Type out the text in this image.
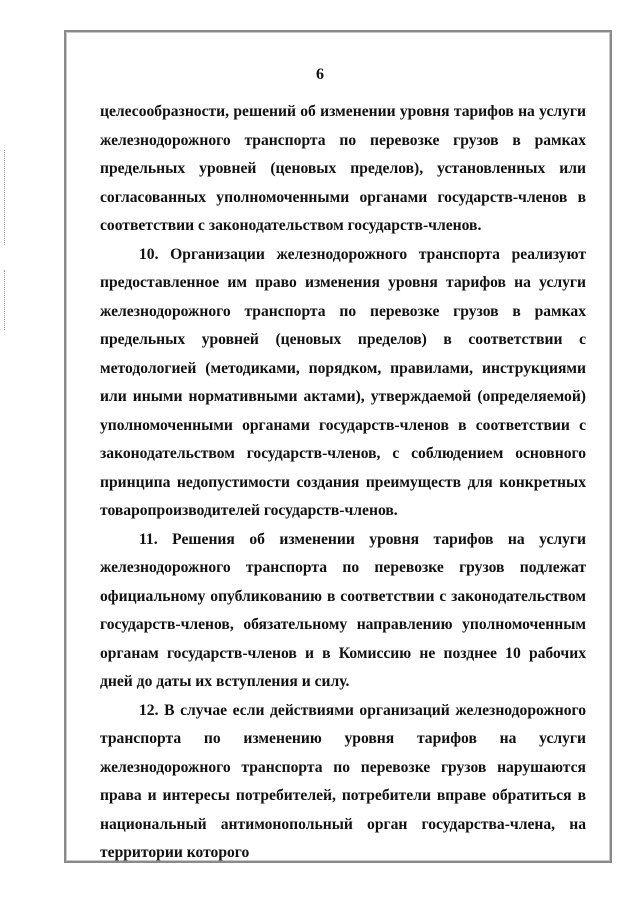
6

целесообразности, решений об изменении уровня тарифов на услуги железнодорожного транспорта по перевозке грузов в рамках предельных уровней (ценовых пределов), установленных или согласованных уполномоченными органами государств-членов в соответствии с законодательством государств-членов.

10. Организации железнодорожного транспорта реализуют предоставленное им право изменения уровня тарифов на услуги железнодорожного транспорта по перевозке грузов в рамках предельных уровней (ценовых пределов) в соответствии с методологией (методиками, порядком, правилами, инструкциями или иными нормативными актами), утверждаемой (определяемой) уполномоченными органами государств-членов в соответствии с законодательством государств-членов, с соблюдением основного принципа недопустимости создания преимуществ для конкретных товаропроизводителей государств-членов.

11. Решения об изменении уровня тарифов на услуги железнодорожного транспорта по перевозке грузов подлежат официальному опубликованию в соответствии с законодательством государств-членов, обязательному направлению уполномоченным органам государств-членов и в Комиссию не позднее 10 рабочих дней до даты их вступления и силу.

12. В случае если действиями организаций железнодорожного транспорта по изменению уровня тарифов на услуги железнодорожного транспорта по перевозке грузов нарушаются права и интересы потребителей, потребители вправе обратиться в национальный антимонопольный орган государства-члена, на территории которого
